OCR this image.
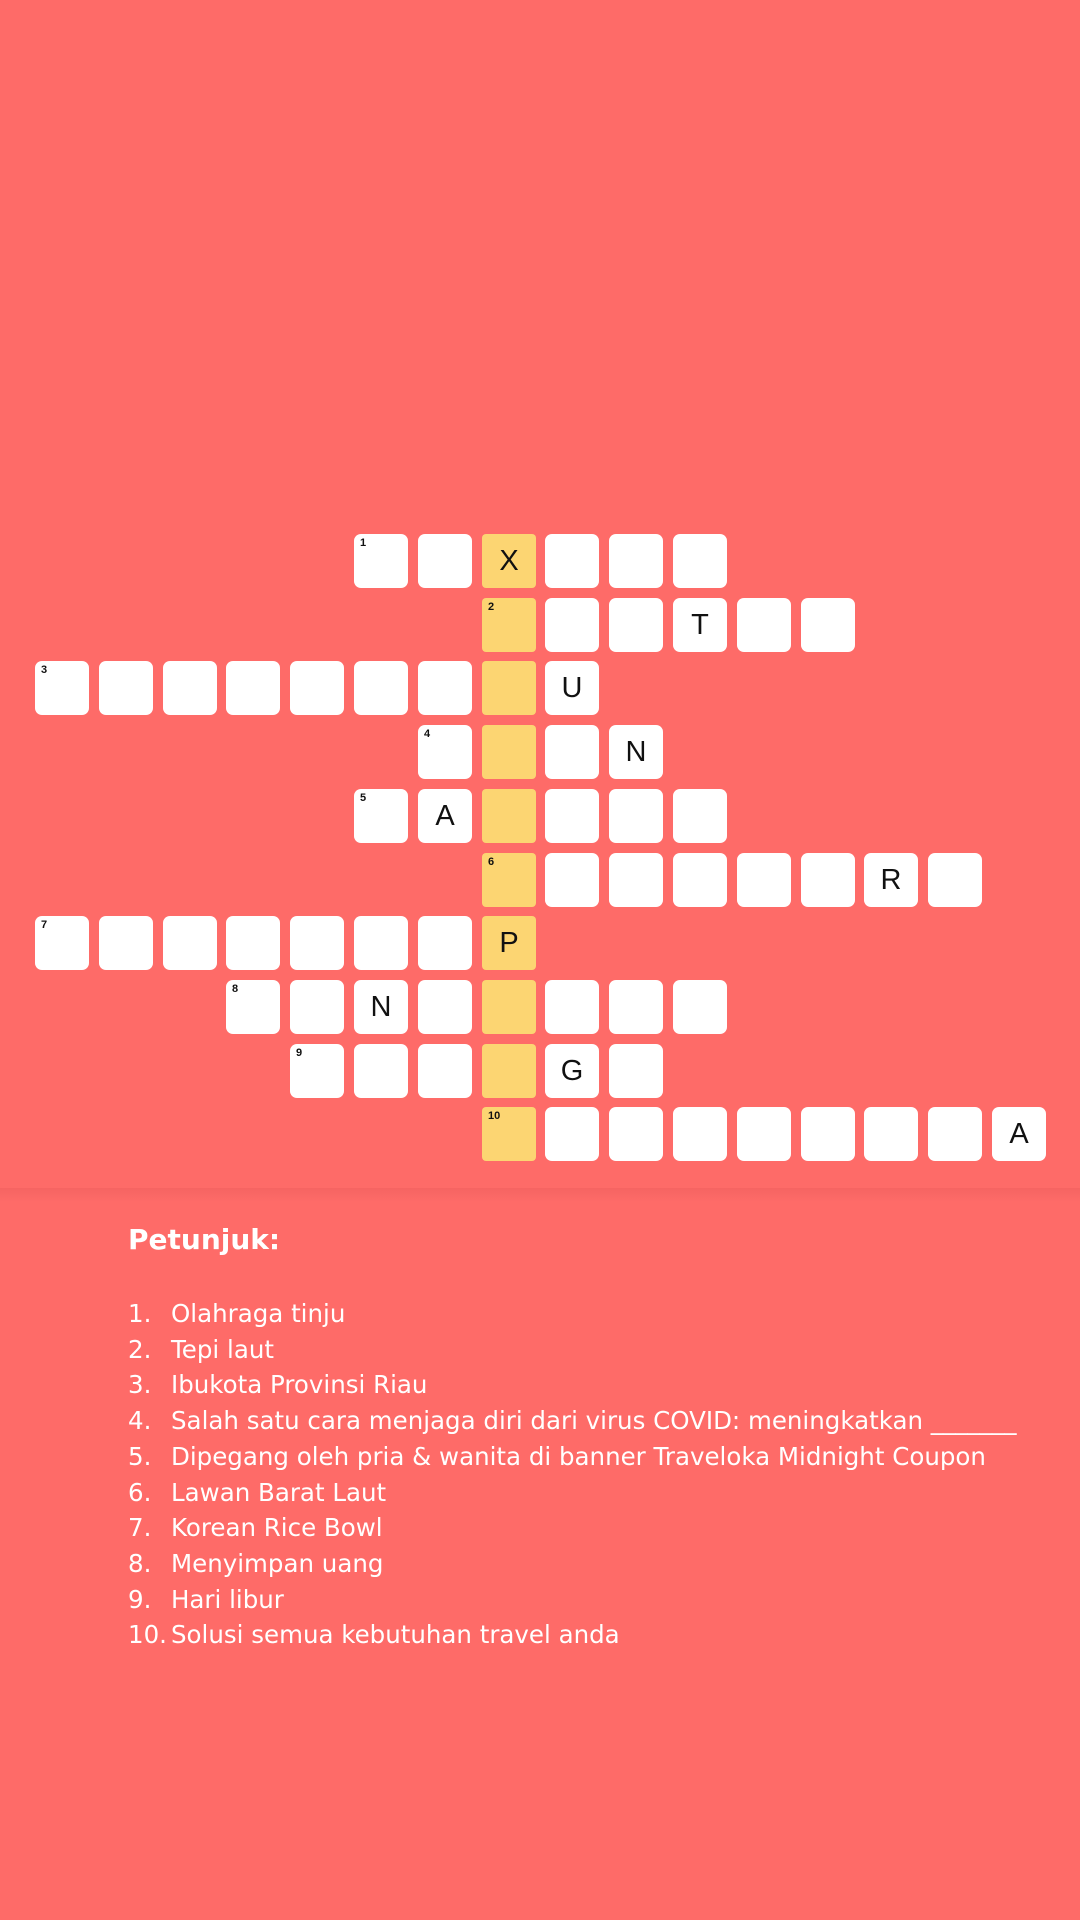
1
X
2
T
3
U
4
N
5
A
6
R
7
P
8
N
9
G
10
A
Petunjuk:
1. Olahraga tinju
2. Tepi laut
3. Ibukota Provinsi Riau
4. Salah satu cara menjaga diri dari virus COVID: meningkatkan _______
5. Dipegang oleh pria & wanita di banner Traveloka Midnight Coupon
6. Lawan Barat Laut
7. Korean Rice Bowl
8. Menyimpan uang
9. Hari libur
10. Solusi semua kebutuhan travel anda
